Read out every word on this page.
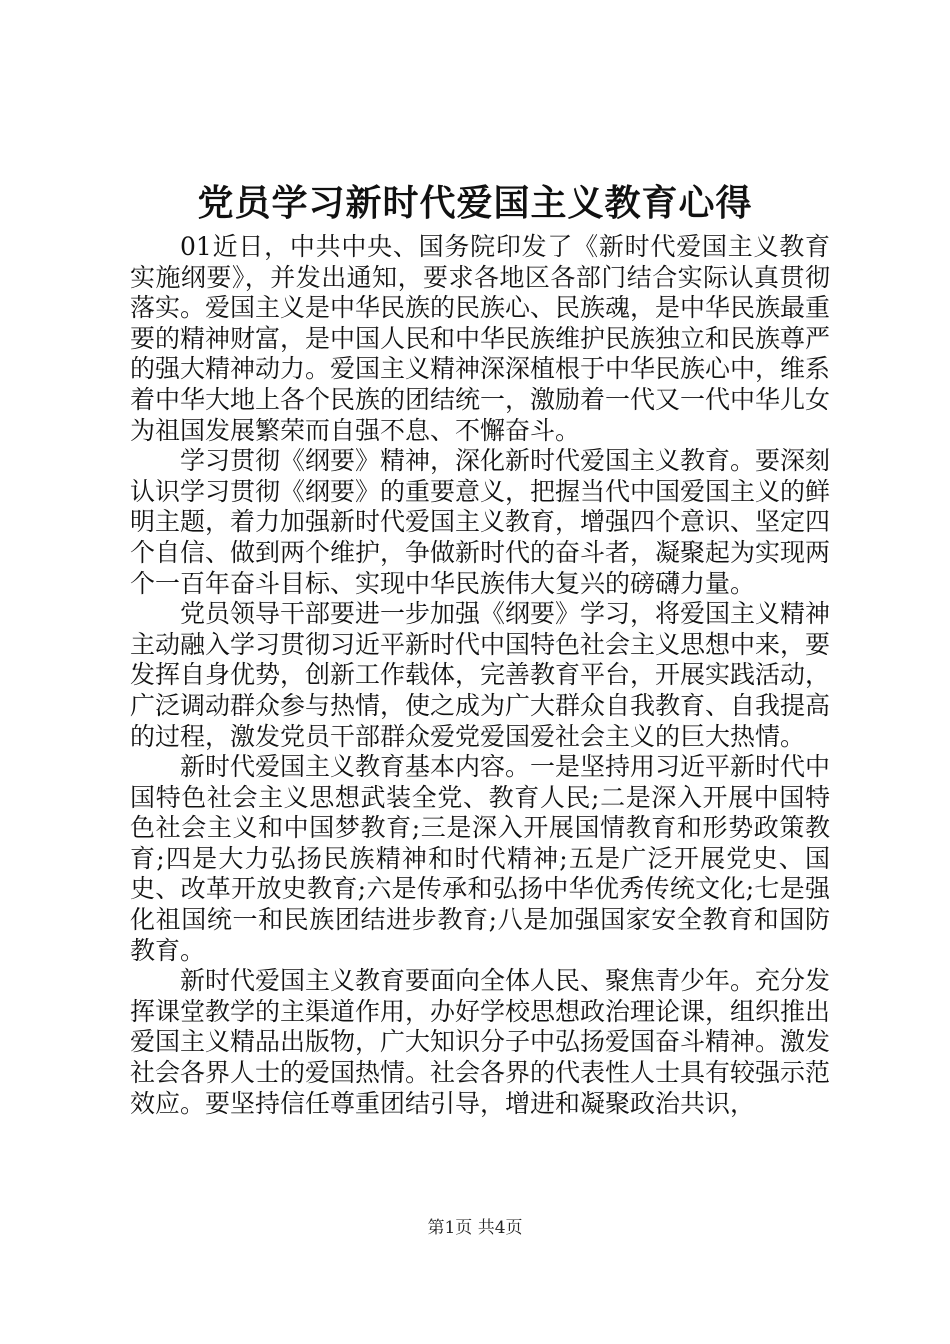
党员学习新时代爱国主义教育心得

01近日，中共中央、国务院印发了《新时代爱国主义教育实施纲要》，并发出通知，要求各地区各部门结合实际认真贯彻落实。爱国主义是中华民族的民族心、民族魂，是中华民族最重要的精神财富，是中国人民和中华民族维护民族独立和民族尊严的强大精神动力。爱国主义精神深深植根于中华民族心中，维系着中华大地上各个民族的团结统一，激励着一代又一代中华儿女为祖国发展繁荣而自强不息、不懈奋斗。

学习贯彻《纲要》精神，深化新时代爱国主义教育。要深刻认识学习贯彻《纲要》的重要意义，把握当代中国爱国主义的鲜明主题，着力加强新时代爱国主义教育，增强四个意识、坚定四个自信、做到两个维护，争做新时代的奋斗者，凝聚起为实现两个一百年奋斗目标、实现中华民族伟大复兴的磅礴力量。

党员领导干部要进一步加强《纲要》学习，将爱国主义精神主动融入学习贯彻习近平新时代中国特色社会主义思想中来，要发挥自身优势，创新工作载体，完善教育平台，开展实践活动，广泛调动群众参与热情，使之成为广大群众自我教育、自我提高的过程，激发党员干部群众爱党爱国爱社会主义的巨大热情。

新时代爱国主义教育基本内容。一是坚持用习近平新时代中国特色社会主义思想武装全党、教育人民;二是深入开展中国特色社会主义和中国梦教育;三是深入开展国情教育和形势政策教育;四是大力弘扬民族精神和时代精神;五是广泛开展党史、国史、改革开放史教育;六是传承和弘扬中华优秀传统文化;七是强化祖国统一和民族团结进步教育;八是加强国家安全教育和国防教育。

新时代爱国主义教育要面向全体人民、聚焦青少年。充分发挥课堂教学的主渠道作用，办好学校思想政治理论课，组织推出爱国主义精品出版物，广大知识分子中弘扬爱国奋斗精神。激发社会各界人士的爱国热情。社会各界的代表性人士具有较强示范效应。要坚持信任尊重团结引导，增进和凝聚政治共识，

第1页 共4页
